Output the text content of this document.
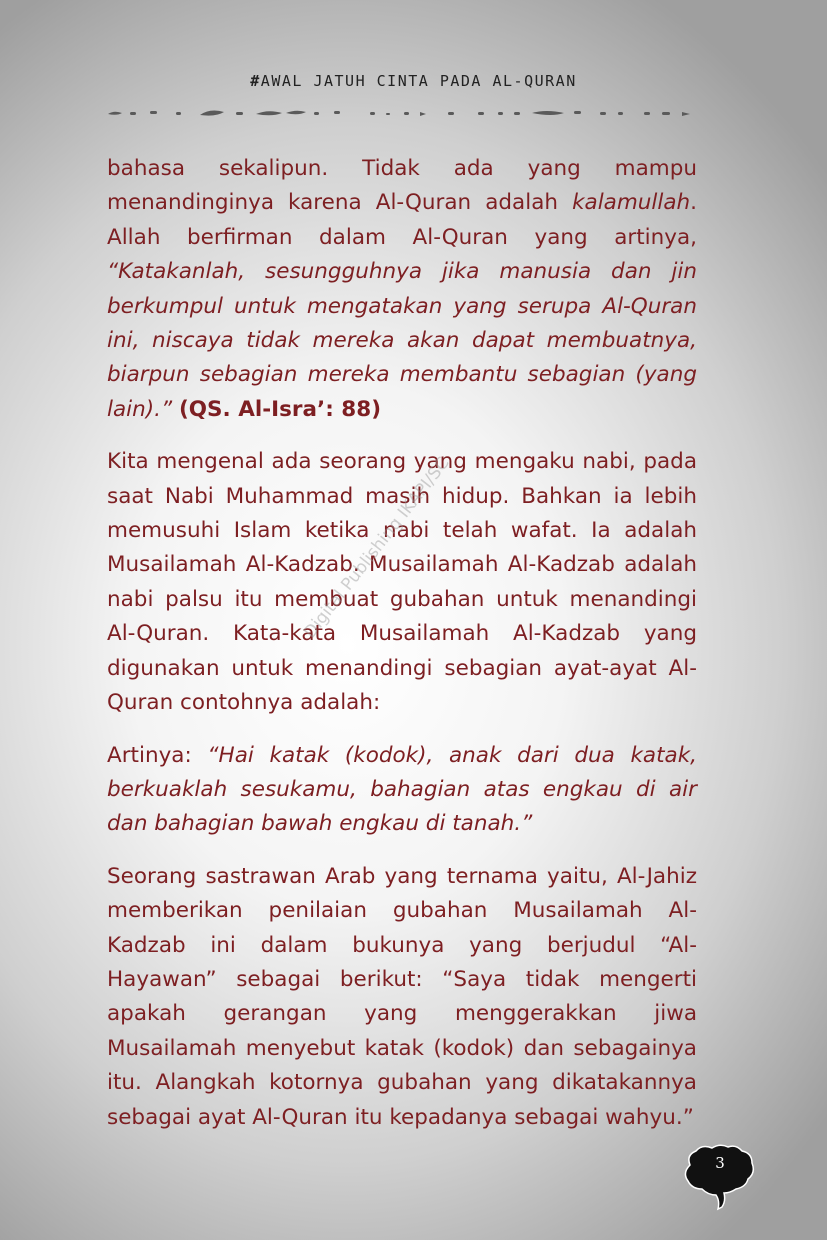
#AWAL JATUH CINTA PADA AL-QURAN

bahasa sekalipun. Tidak ada yang mampu menandinginya karena Al-Quran adalah kalamullah. Allah berfirman dalam Al-Quran yang artinya, “Katakanlah, sesungguhnya jika manusia dan jin berkumpul untuk mengatakan yang serupa Al-Quran ini, niscaya tidak mereka akan dapat membuatnya, biarpun sebagian mereka membantu sebagian (yang lain).” (QS. Al-Isra’: 88)

Kita mengenal ada seorang yang mengaku nabi, pada saat Nabi Muhammad masih hidup. Bahkan ia lebih memusuhi Islam ketika nabi telah wafat. Ia adalah Musailamah Al-Kadzab. Musailamah Al-Kadzab adalah nabi palsu itu membuat gubahan untuk menandingi Al-Quran. Kata-kata Musailamah Al-Kadzab yang digunakan untuk menandingi sebagian ayat-ayat Al-Quran contohnya adalah:

Artinya: “Hai katak (kodok), anak dari dua katak, berkuaklah sesukamu, bahagian atas engkau di air dan bahagian bawah engkau di tanah.”

Seorang sastrawan Arab yang ternama yaitu, Al-Jahiz memberikan penilaian gubahan Musailamah Al-Kadzab ini dalam bukunya yang berjudul “Al-Hayawan” sebagai berikut: “Saya tidak mengerti apakah gerangan yang menggerakkan jiwa Musailamah menyebut katak (kodok) dan sebagainya itu. Alangkah kotornya gubahan yang dikatakannya sebagai ayat Al-Quran itu kepadanya sebagai wahyu.”

Digital Publishing IKAPI/SC
3
